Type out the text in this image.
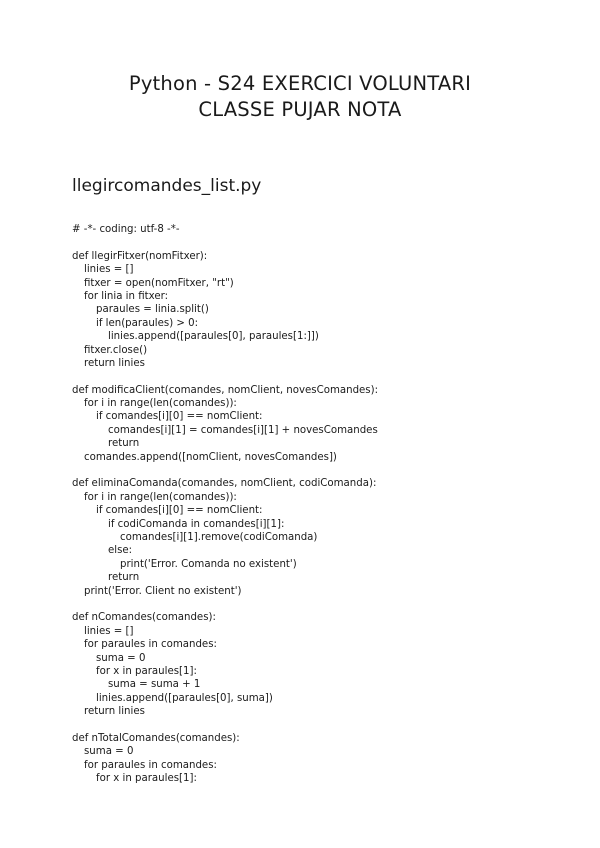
Python - S24 EXERCICI VOLUNTARI
CLASSE PUJAR NOTA
llegircomandes_list.py
# -*- coding: utf-8 -*-
def llegirFitxer(nomFitxer):
linies = []
fitxer = open(nomFitxer, "rt")
for linia in fitxer:
paraules = linia.split()
if len(paraules) > 0:
linies.append([paraules[0], paraules[1:]])
fitxer.close()
return linies
def modificaClient(comandes, nomClient, novesComandes):
for i in range(len(comandes)):
if comandes[i][0] == nomClient:
comandes[i][1] = comandes[i][1] + novesComandes
return
comandes.append([nomClient, novesComandes])
def eliminaComanda(comandes, nomClient, codiComanda):
for i in range(len(comandes)):
if comandes[i][0] == nomClient:
if codiComanda in comandes[i][1]:
comandes[i][1].remove(codiComanda)
else:
print('Error. Comanda no existent')
return
print('Error. Client no existent')
def nComandes(comandes):
linies = []
for paraules in comandes:
suma = 0
for x in paraules[1]:
suma = suma + 1
linies.append([paraules[0], suma])
return linies
def nTotalComandes(comandes):
suma = 0
for paraules in comandes:
for x in paraules[1]:
